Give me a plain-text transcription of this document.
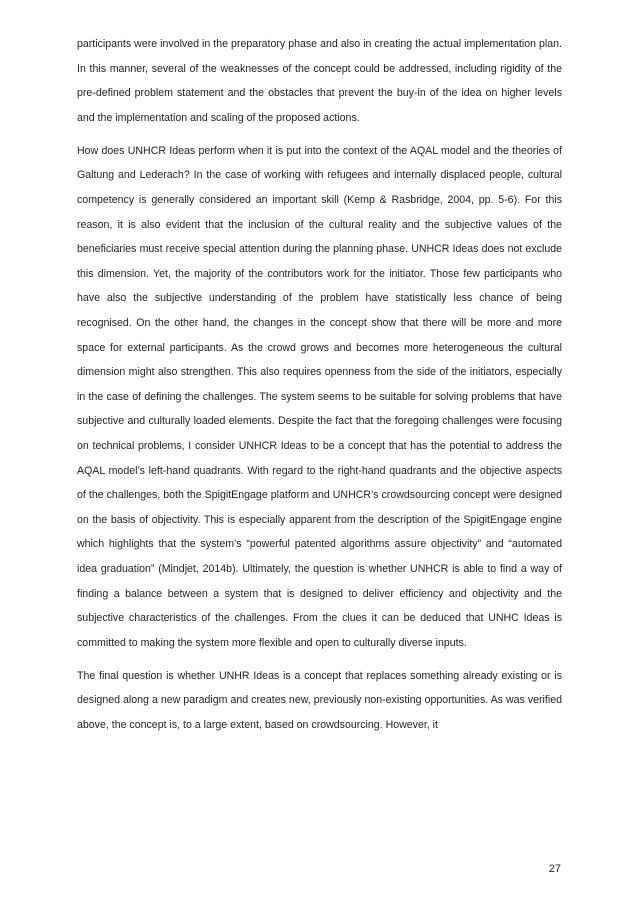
participants were involved in the preparatory phase and also in creating the actual implementation plan. In this manner, several of the weaknesses of the concept could be addressed, including rigidity of the pre-defined problem statement and the obstacles that prevent the buy-in of the idea on higher levels and the implementation and scaling of the proposed actions.

How does UNHCR Ideas perform when it is put into the context of the AQAL model and the theories of Galtung and Lederach? In the case of working with refugees and internally displaced people, cultural competency is generally considered an important skill (Kemp & Rasbridge, 2004, pp. 5-6). For this reason, it is also evident that the inclusion of the cultural reality and the subjective values of the beneficiaries must receive special attention during the planning phase. UNHCR Ideas does not exclude this dimension. Yet, the majority of the contributors work for the initiator. Those few participants who have also the subjective understanding of the problem have statistically less chance of being recognised. On the other hand, the changes in the concept show that there will be more and more space for external participants. As the crowd grows and becomes more heterogeneous the cultural dimension might also strengthen. This also requires openness from the side of the initiators, especially in the case of defining the challenges. The system seems to be suitable for solving problems that have subjective and culturally loaded elements. Despite the fact that the foregoing challenges were focusing on technical problems, I consider UNHCR Ideas to be a concept that has the potential to address the AQAL model’s left-hand quadrants. With regard to the right-hand quadrants and the objective aspects of the challenges, both the SpigitEngage platform and UNHCR’s crowdsourcing concept were designed on the basis of objectivity. This is especially apparent from the description of the SpigitEngage engine which highlights that the system’s “powerful patented algorithms assure objectivity” and “automated idea graduation” (Mindjet, 2014b). Ultimately, the question is whether UNHCR is able to find a way of finding a balance between a system that is designed to deliver efficiency and objectivity and the subjective characteristics of the challenges. From the clues it can be deduced that UNHC Ideas is committed to making the system more flexible and open to culturally diverse inputs.

The final question is whether UNHR Ideas is a concept that replaces something already existing or is designed along a new paradigm and creates new, previously non-existing opportunities. As was verified above, the concept is, to a large extent, based on crowdsourcing. However, it

27
